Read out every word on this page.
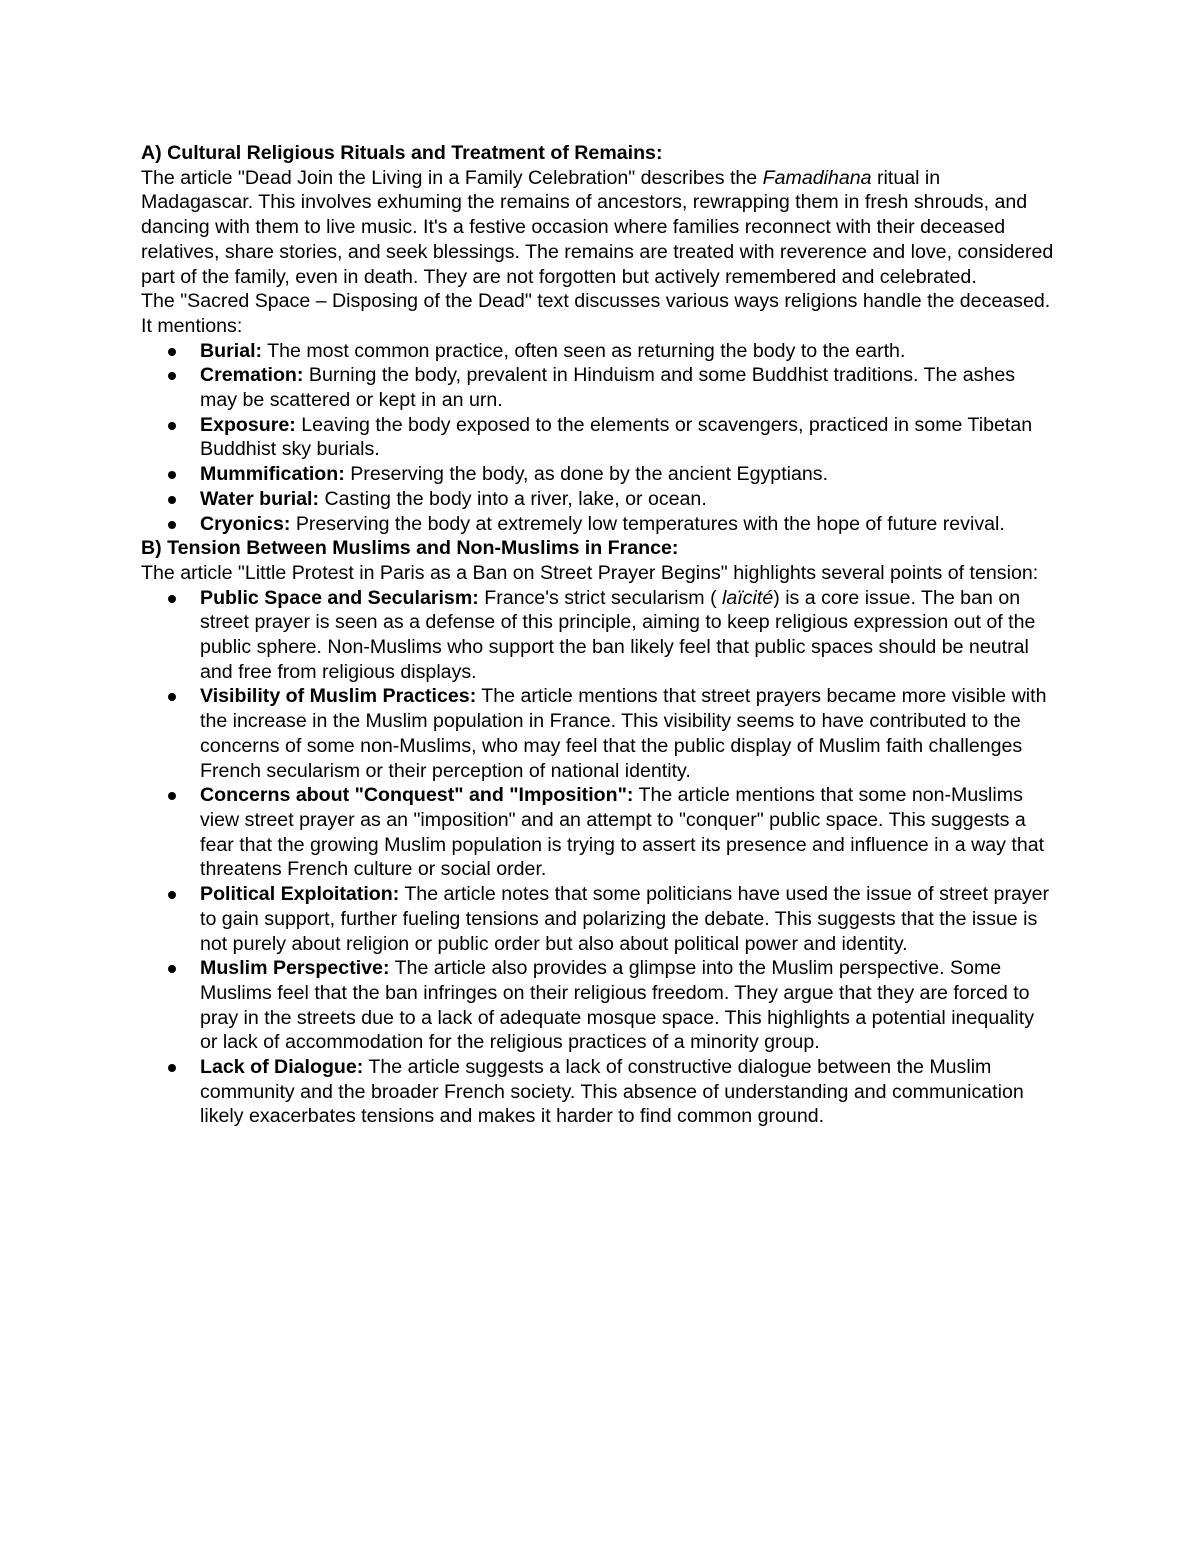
A) Cultural Religious Rituals and Treatment of Remains:

The article "Dead Join the Living in a Family Celebration" describes the Famadihana ritual in Madagascar. This involves exhuming the remains of ancestors, rewrapping them in fresh shrouds, and dancing with them to live music. It's a festive occasion where families reconnect with their deceased relatives, share stories, and seek blessings. The remains are treated with reverence and love, considered part of the family, even in death. They are not forgotten but actively remembered and celebrated.

The "Sacred Space – Disposing of the Dead" text discusses various ways religions handle the deceased. It mentions:

Burial: The most common practice, often seen as returning the body to the earth.
Cremation: Burning the body, prevalent in Hinduism and some Buddhist traditions. The ashes may be scattered or kept in an urn.
Exposure: Leaving the body exposed to the elements or scavengers, practiced in some Tibetan Buddhist sky burials.
Mummification: Preserving the body, as done by the ancient Egyptians.
Water burial: Casting the body into a river, lake, or ocean.
Cryonics: Preserving the body at extremely low temperatures with the hope of future revival.

B) Tension Between Muslims and Non-Muslims in France:

The article "Little Protest in Paris as a Ban on Street Prayer Begins" highlights several points of tension:

Public Space and Secularism: France's strict secularism ( laïcité) is a core issue. The ban on street prayer is seen as a defense of this principle, aiming to keep religious expression out of the public sphere. Non-Muslims who support the ban likely feel that public spaces should be neutral and free from religious displays.
Visibility of Muslim Practices: The article mentions that street prayers became more visible with the increase in the Muslim population in France. This visibility seems to have contributed to the concerns of some non-Muslims, who may feel that the public display of Muslim faith challenges French secularism or their perception of national identity.
Concerns about "Conquest" and "Imposition": The article mentions that some non-Muslims view street prayer as an "imposition" and an attempt to "conquer" public space. This suggests a fear that the growing Muslim population is trying to assert its presence and influence in a way that threatens French culture or social order.
Political Exploitation: The article notes that some politicians have used the issue of street prayer to gain support, further fueling tensions and polarizing the debate. This suggests that the issue is not purely about religion or public order but also about political power and identity.
Muslim Perspective: The article also provides a glimpse into the Muslim perspective. Some Muslims feel that the ban infringes on their religious freedom. They argue that they are forced to pray in the streets due to a lack of adequate mosque space. This highlights a potential inequality or lack of accommodation for the religious practices of a minority group.
Lack of Dialogue: The article suggests a lack of constructive dialogue between the Muslim community and the broader French society. This absence of understanding and communication likely exacerbates tensions and makes it harder to find common ground.
